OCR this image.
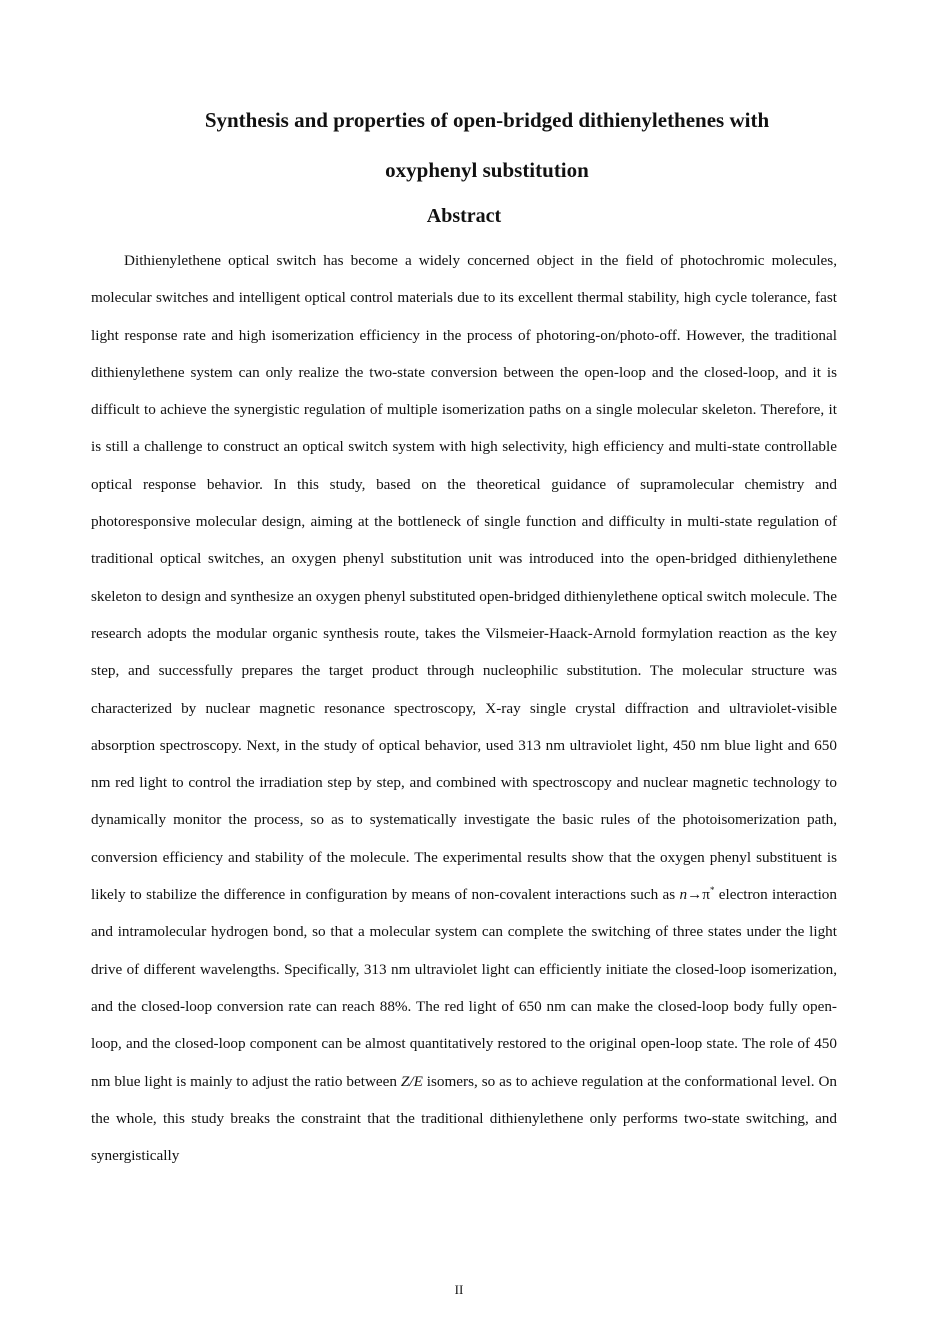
Synthesis and properties of open-bridged dithienylethenes with
oxyphenyl substitution
Abstract

Dithienylethene optical switch has become a widely concerned object in the field of photochromic molecules, molecular switches and intelligent optical control materials due to its excellent thermal stability, high cycle tolerance, fast light response rate and high isomerization efficiency in the process of photoring-on/photo-off. However, the traditional dithienylethene system can only realize the two-state conversion between the open-loop and the closed-loop, and it is difficult to achieve the synergistic regulation of multiple isomerization paths on a single molecular skeleton. Therefore, it is still a challenge to construct an optical switch system with high selectivity, high efficiency and multi-state controllable optical response behavior. In this study, based on the theoretical guidance of supramolecular chemistry and photoresponsive molecular design, aiming at the bottleneck of single function and difficulty in multi-state regulation of traditional optical switches, an oxygen phenyl substitution unit was introduced into the open-bridged dithienylethene skeleton to design and synthesize an oxygen phenyl substituted open-bridged dithienylethene optical switch molecule. The research adopts the modular organic synthesis route, takes the Vilsmeier-Haack-Arnold formylation reaction as the key step, and successfully prepares the target product through nucleophilic substitution. The molecular structure was characterized by nuclear magnetic resonance spectroscopy, X-ray single crystal diffraction and ultraviolet-visible absorption spectroscopy. Next, in the study of optical behavior, used 313 nm ultraviolet light, 450 nm blue light and 650 nm red light to control the irradiation step by step, and combined with spectroscopy and nuclear magnetic technology to dynamically monitor the process, so as to systematically investigate the basic rules of the photoisomerization path, conversion efficiency and stability of the molecule. The experimental results show that the oxygen phenyl substituent is likely to stabilize the difference in configuration by means of non-covalent interactions such as n→π* electron interaction and intramolecular hydrogen bond, so that a molecular system can complete the switching of three states under the light drive of different wavelengths. Specifically, 313 nm ultraviolet light can efficiently initiate the closed-loop isomerization, and the closed-loop conversion rate can reach 88%. The red light of 650 nm can make the closed-loop body fully open-loop, and the closed-loop component can be almost quantitatively restored to the original open-loop state. The role of 450 nm blue light is mainly to adjust the ratio between Z/E isomers, so as to achieve regulation at the conformational level. On the whole, this study breaks the constraint that the traditional dithienylethene only performs two-state switching, and synergistically

II
